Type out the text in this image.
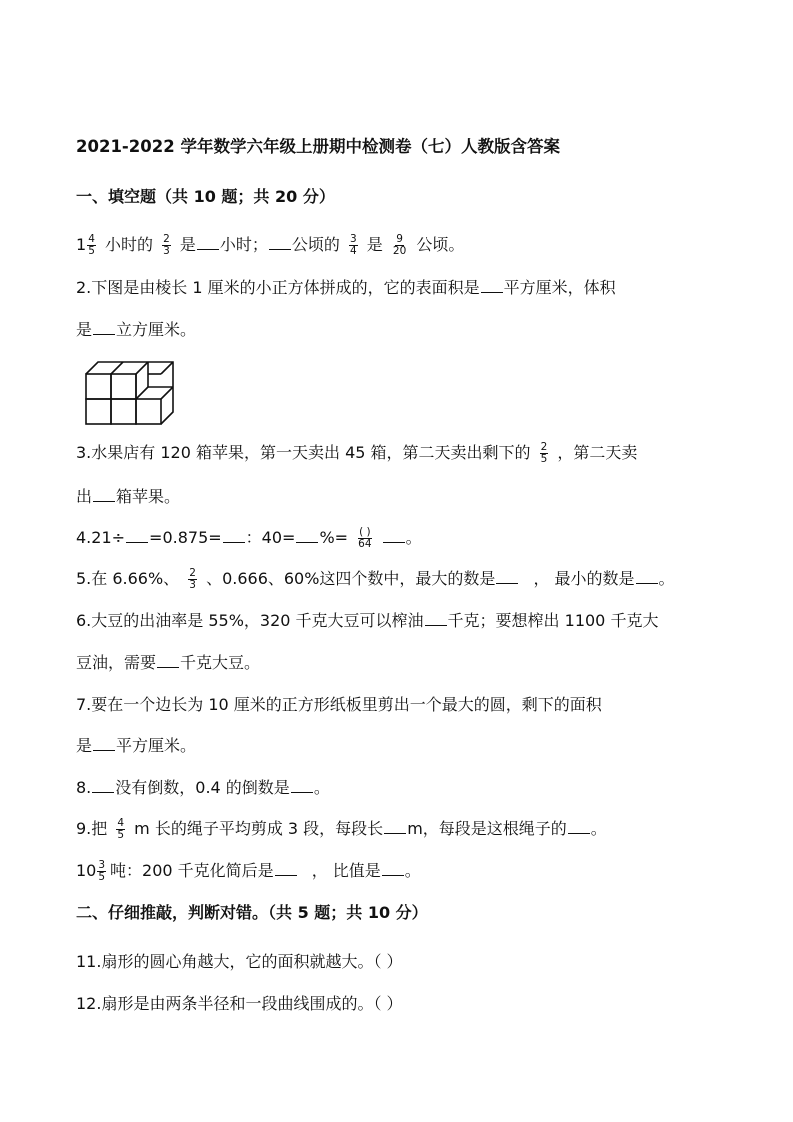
2021-2022 学年数学六年级上册期中检测卷（七）人教版含答案
一、填空题（共 10 题；共 20 分）
$1 \frac{4}{5}$ 小时的 $\frac{2}{3}$ 是 小时； 公顷的 $\frac{3}{4}$ 是 $\frac{9}{20}$ 公顷。
2.下图是由棱长 1 厘米的小正方体拼成的，它的表面积是 平方厘米，体积
是 立方厘米。
3.水果店有 120 箱苹果，第一天卖出 45 箱，第二天卖出剩下的 $\frac{2}{5}$ ，第二天卖
出 箱苹果。
4.21÷ =0.875= ：40= %= $\frac{( )}{64}$ 。
5.在 6.66%、 $\frac{2}{3}$ 、0.666、60%这四个数中，最大的数是 ， 最小的数是 。
6.大豆的出油率是 55%，320 千克大豆可以榨油 千克；要想榨出 1100 千克大
豆油，需要 千克大豆。
7.要在一个边长为 10 厘米的正方形纸板里剪出一个最大的圆，剩下的面积
是 平方厘米。
8. 没有倒数，0.4 的倒数是 。
9.把 $\frac{4}{5}$ m 长的绳子平均剪成 3 段，每段长 m，每段是这根绳子的 。
$10 \frac{3}{5}$ 吨：200 千克化简后是 ， 比值是 。
二、仔细推敲，判断对错。（共 5 题；共 10 分）
11.扇形的圆心角越大，它的面积就越大。（ ）
12.扇形是由两条半径和一段曲线围成的。（ ）
